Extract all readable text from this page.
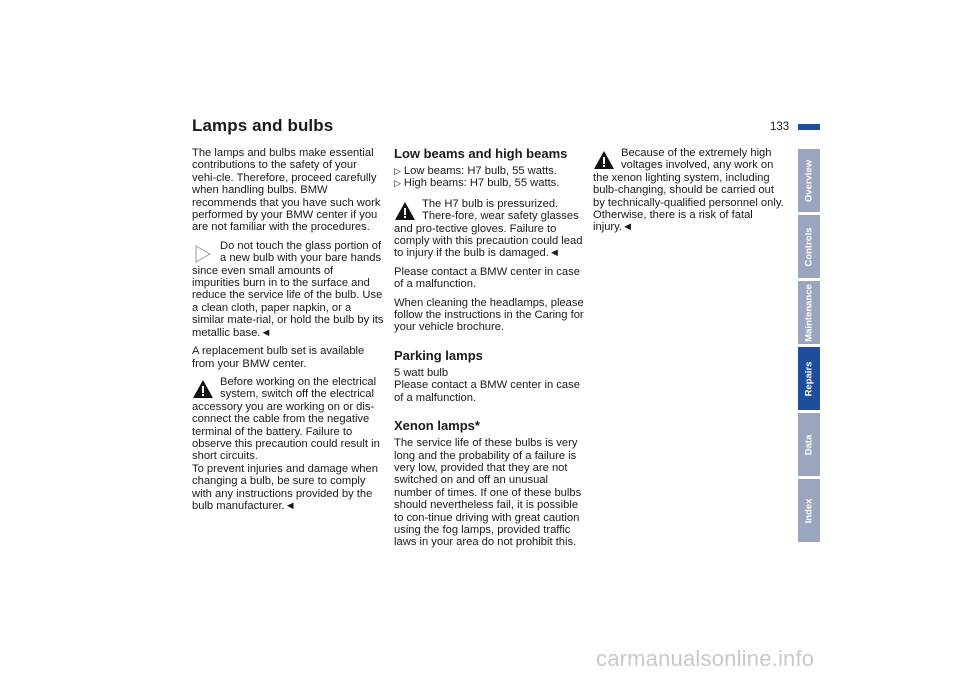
Lamps and bulbs	133

The lamps and bulbs make essential contributions to the safety of your vehi-cle. Therefore, proceed carefully when handling bulbs. BMW recommends that you have such work performed by your BMW center if you are not familiar with the procedures.

Do not touch the glass portion of a new bulb with your bare hands since even small amounts of impurities burn in to the surface and reduce the service life of the bulb. Use a clean cloth, paper napkin, or a similar mate-rial, or hold the bulb by its metallic base.◄

A replacement bulb set is available from your BMW center.

Before working on the electrical system, switch off the electrical accessory you are working on or dis-connect the cable from the negative terminal of the battery. Failure to observe this precaution could result in short circuits.
To prevent injuries and damage when changing a bulb, be sure to comply with any instructions provided by the bulb manufacturer.◄

Low beams and high beams
▷ Low beams: H7 bulb, 55 watts.
▷ High beams: H7 bulb, 55 watts.

The H7 bulb is pressurized. There-fore, wear safety glasses and pro-tective gloves. Failure to comply with this precaution could lead to injury if the bulb is damaged.◄

Please contact a BMW center in case of a malfunction.

When cleaning the headlamps, please follow the instructions in the Caring for your vehicle brochure.

Parking lamps

5 watt bulb

Please contact a BMW center in case of a malfunction.

Xenon lamps*

The service life of these bulbs is very long and the probability of a failure is very low, provided that they are not switched on and off an unusual number of times. If one of these bulbs should nevertheless fail, it is possible to con-tinue driving with great caution using the fog lamps, provided traffic laws in your area do not prohibit this.

Because of the extremely high voltages involved, any work on the xenon lighting system, including bulb-changing, should be carried out by technically-qualified personnel only. Otherwise, there is a risk of fatal injury.◄

Overview
Controls
Maintenance
Repairs
Data
Index
carmanualsonline.info
